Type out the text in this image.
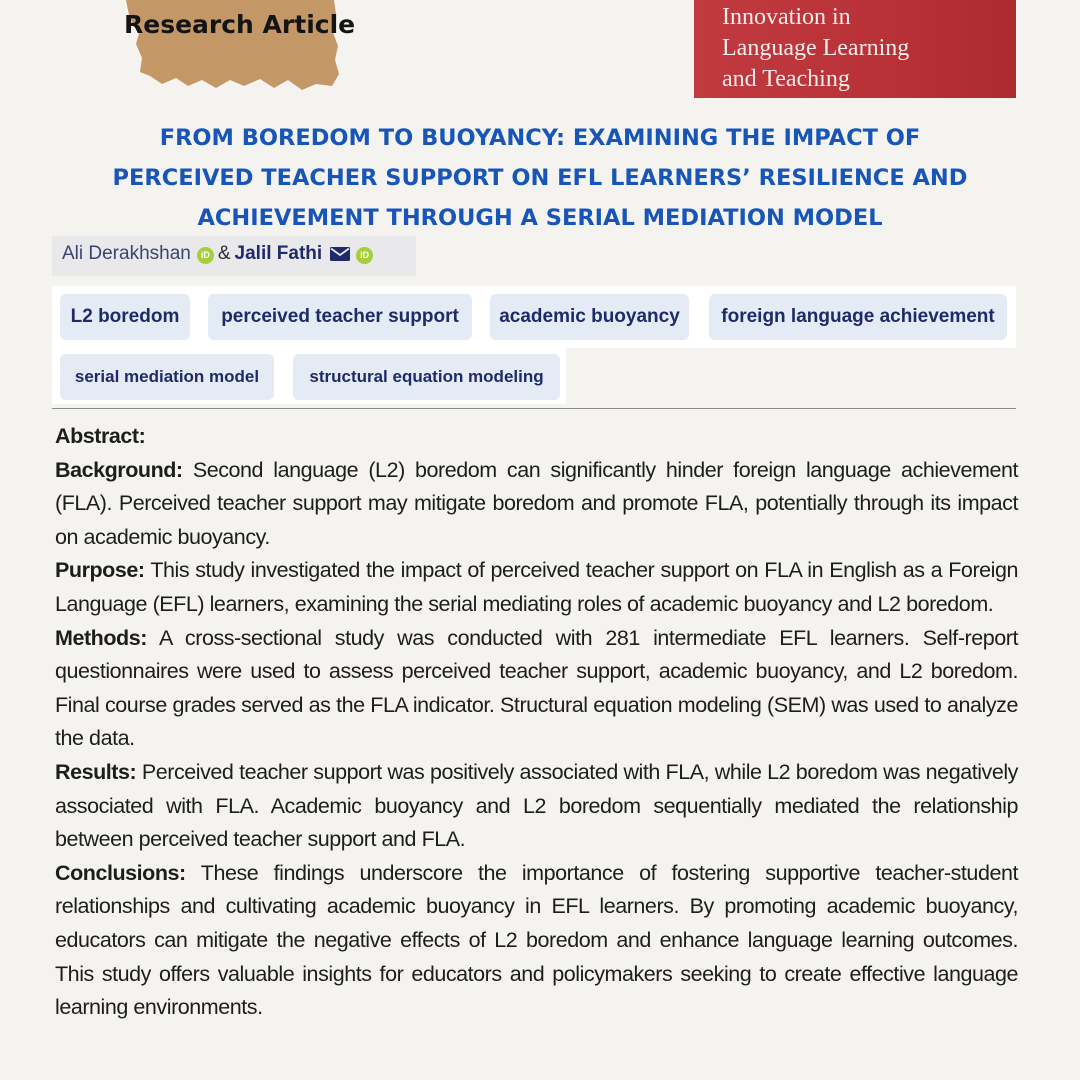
Research Article	Innovation in
Language Learning
and Teaching
FROM BOREDOM TO BUOYANCY: EXAMINING THE IMPACT OF
PERCEIVED TEACHER SUPPORT ON EFL LEARNERS’ RESILIENCE AND
ACHIEVEMENT THROUGH A SERIAL MEDIATION MODEL
Ali Derakhshan iD & Jalil Fathi	iD
L2 boredom	perceived teacher support	academic buoyancy	foreign language achievement
serial mediation model	structural equation modeling

Abstract:

Background: Second language (L2) boredom can significantly hinder foreign language achievement (FLA). Perceived teacher support may mitigate boredom and promote FLA, potentially through its impact on academic buoyancy.

Purpose: This study investigated the impact of perceived teacher support on FLA in English as a Foreign Language (EFL) learners, examining the serial mediating roles of academic buoyancy and L2 boredom.

Methods: A cross-sectional study was conducted with 281 intermediate EFL learners. Self-report questionnaires were used to assess perceived teacher support, academic buoyancy, and L2 boredom. Final course grades served as the FLA indicator. Structural equation modeling (SEM) was used to analyze the data.

Results: Perceived teacher support was positively associated with FLA, while L2 boredom was negatively associated with FLA. Academic buoyancy and L2 boredom sequentially mediated the relationship between perceived teacher support and FLA.

Conclusions: These findings underscore the importance of fostering supportive teacher-student relationships and cultivating academic buoyancy in EFL learners. By promoting academic buoyancy, educators can mitigate the negative effects of L2 boredom and enhance language learning outcomes. This study offers valuable insights for educators and policymakers seeking to create effective language learning environments.
